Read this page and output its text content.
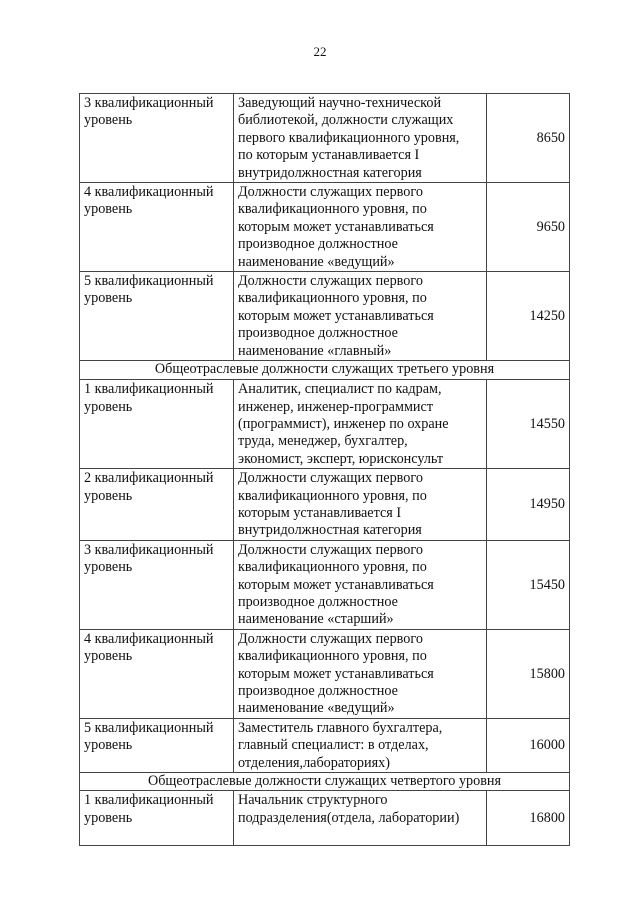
22
3 квалификационный
уровень	Заведующий научно-технической
библиотекой, должности служащих
первого квалификационного уровня,
по которым устанавливается I
внутридолжностная категория	8650

4 квалификационный
уровень	Должности служащих первого
квалификационного уровня, по
которым может устанавливаться
производное должностное
наименование «ведущий»	9650

5 квалификационный
уровень	Должности служащих первого
квалификационного уровня, по
которым может устанавливаться
производное должностное
наименование «главный»	14250
Общеотраслевые должности служащих третьего уровня		

1 квалификационный
уровень	Аналитик, специалист по кадрам,
инженер, инженер-программист
(программист), инженер по охране
труда, менеджер, бухгалтер,
экономист, эксперт, юрисконсульт	14550

2 квалификационный
уровень	Должности служащих первого
квалификационного уровня, по
которым устанавливается I
внутридолжностная категория	14950

3 квалификационный
уровень	Должности служащих первого
квалификационного уровня, по
которым может устанавливаться
производное должностное
наименование «старший»	15450

4 квалификационный
уровень	Должности служащих первого
квалификационного уровня, по
которым может устанавливаться
производное должностное
наименование «ведущий»	15800

5 квалификационный
уровень	Заместитель главного бухгалтера,
главный специалист: в отделах,
отделения,лабораториях)	16000
Общеотраслевые должности служащих четвертого уровня		

1 квалификационный
уровень	Начальник структурного
подразделения(отдела, лаборатории)	16800
